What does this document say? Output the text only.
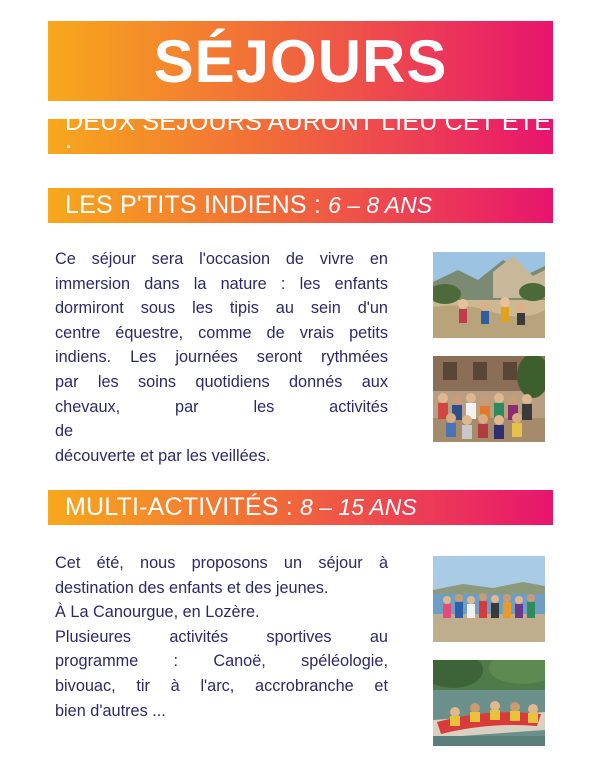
SÉJOURS
DEUX SÉJOURS AURONT LIEU CET ÉTÉ :
LES P'TITS INDIENS : 6 – 8 ANS
Ce séjour sera l'occasion de vivre en
immersion dans la nature : les enfants
dormiront sous les tipis au sein d'un
centre équestre, comme de vrais petits
indiens. Les journées seront rythmées
par les soins quotidiens donnés aux
chevaux, par les activités de
découverte et par les veillées.
MULTI-ACTIVITÉS : 8 – 15 ANS
Cet été, nous proposons un séjour à
destination des enfants et des jeunes.
À La Canourgue, en Lozère.
Plusieures activités sportives au
programme : Canoë, spéléologie,
bivouac, tir à l'arc, accrobranche et
bien d'autres ...
